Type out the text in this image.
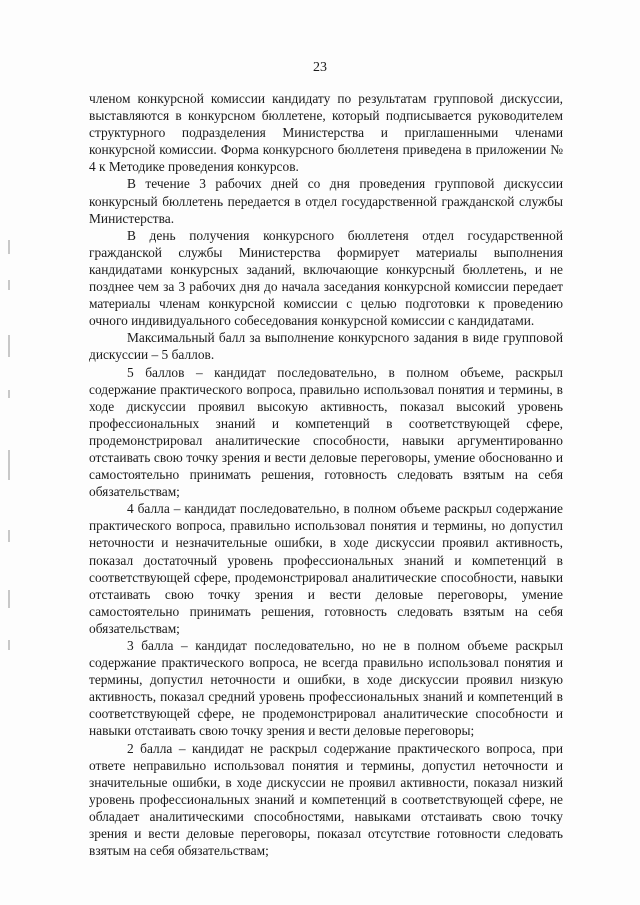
23

членом конкурсной комиссии кандидату по результатам групповой дискуссии, выставляются в конкурсном бюллетене, который подписывается руководителем структурного подразделения Министерства и приглашенными членами конкурсной комиссии. Форма конкурсного бюллетеня приведена в приложении № 4 к Методике проведения конкурсов.

В течение 3 рабочих дней со дня проведения групповой дискуссии конкурсный бюллетень передается в отдел государственной гражданской службы Министерства.

В день получения конкурсного бюллетеня отдел государственной гражданской службы Министерства формирует материалы выполнения кандидатами конкурсных заданий, включающие конкурсный бюллетень, и не позднее чем за 3 рабочих дня до начала заседания конкурсной комиссии передает материалы членам конкурсной комиссии с целью подготовки к проведению очного индивидуального собеседования конкурсной комиссии с кандидатами.

Максимальный балл за выполнение конкурсного задания в виде групповой дискуссии – 5 баллов.

5 баллов – кандидат последовательно, в полном объеме, раскрыл содержание практического вопроса, правильно использовал понятия и термины, в ходе дискуссии проявил высокую активность, показал высокий уровень профессиональных знаний и компетенций в соответствующей сфере, продемонстрировал аналитические способности, навыки аргументированно отстаивать свою точку зрения и вести деловые переговоры, умение обоснованно и самостоятельно принимать решения, готовность следовать взятым на себя обязательствам;

4 балла – кандидат последовательно, в полном объеме раскрыл содержание практического вопроса, правильно использовал понятия и термины, но допустил неточности и незначительные ошибки, в ходе дискуссии проявил активность, показал достаточный уровень профессиональных знаний и компетенций в соответствующей сфере, продемонстрировал аналитические способности, навыки отстаивать свою точку зрения и вести деловые переговоры, умение самостоятельно принимать решения, готовность следовать взятым на себя обязательствам;

3 балла – кандидат последовательно, но не в полном объеме раскрыл содержание практического вопроса, не всегда правильно использовал понятия и термины, допустил неточности и ошибки, в ходе дискуссии проявил низкую активность, показал средний уровень профессиональных знаний и компетенций в соответствующей сфере, не продемонстрировал аналитические способности и навыки отстаивать свою точку зрения и вести деловые переговоры;

2 балла – кандидат не раскрыл содержание практического вопроса, при ответе неправильно использовал понятия и термины, допустил неточности и значительные ошибки, в ходе дискуссии не проявил активности, показал низкий уровень профессиональных знаний и компетенций в соответствующей сфере, не обладает аналитическими способностями, навыками отстаивать свою точку зрения и вести деловые переговоры, показал отсутствие готовности следовать взятым на себя обязательствам;
